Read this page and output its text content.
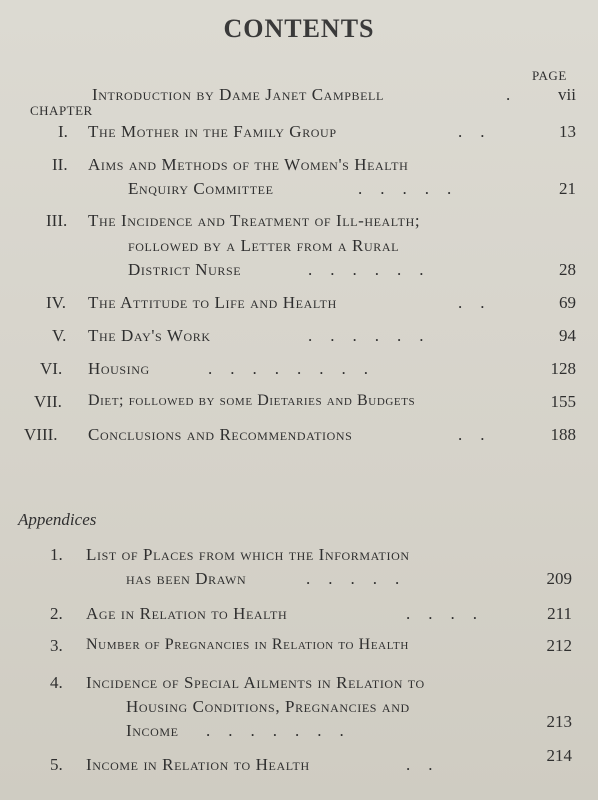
CONTENTS
PAGE
Introduction by Dame Janet Campbell	.	vii
CHAPTER
I. The Mother in the Family Group	..	13
II. Aims and Methods of the Women's Health
Enquiry Committee	.....	21
III. The Incidence and Treatment of Ill-health;
followed by a Letter from a Rural
District Nurse	......	28
IV. The Attitude to Life and Health	..	69
V. The Day's Work	......	94
VI. Housing	........	128
VII. Diet; followed by some Dietaries and Budgets	155
VIII. Conclusions and Recommendations	..	188
Appendices
1. List of Places from which the Information
has been Drawn	.....	209
2. Age in Relation to Health	....	211
3. Number of Pregnancies in Relation to Health	212
4. Incidence of Special Ailments in Relation to
Housing Conditions, Pregnancies and
Income .......	213
5. Income in Relation to Health	..	214
